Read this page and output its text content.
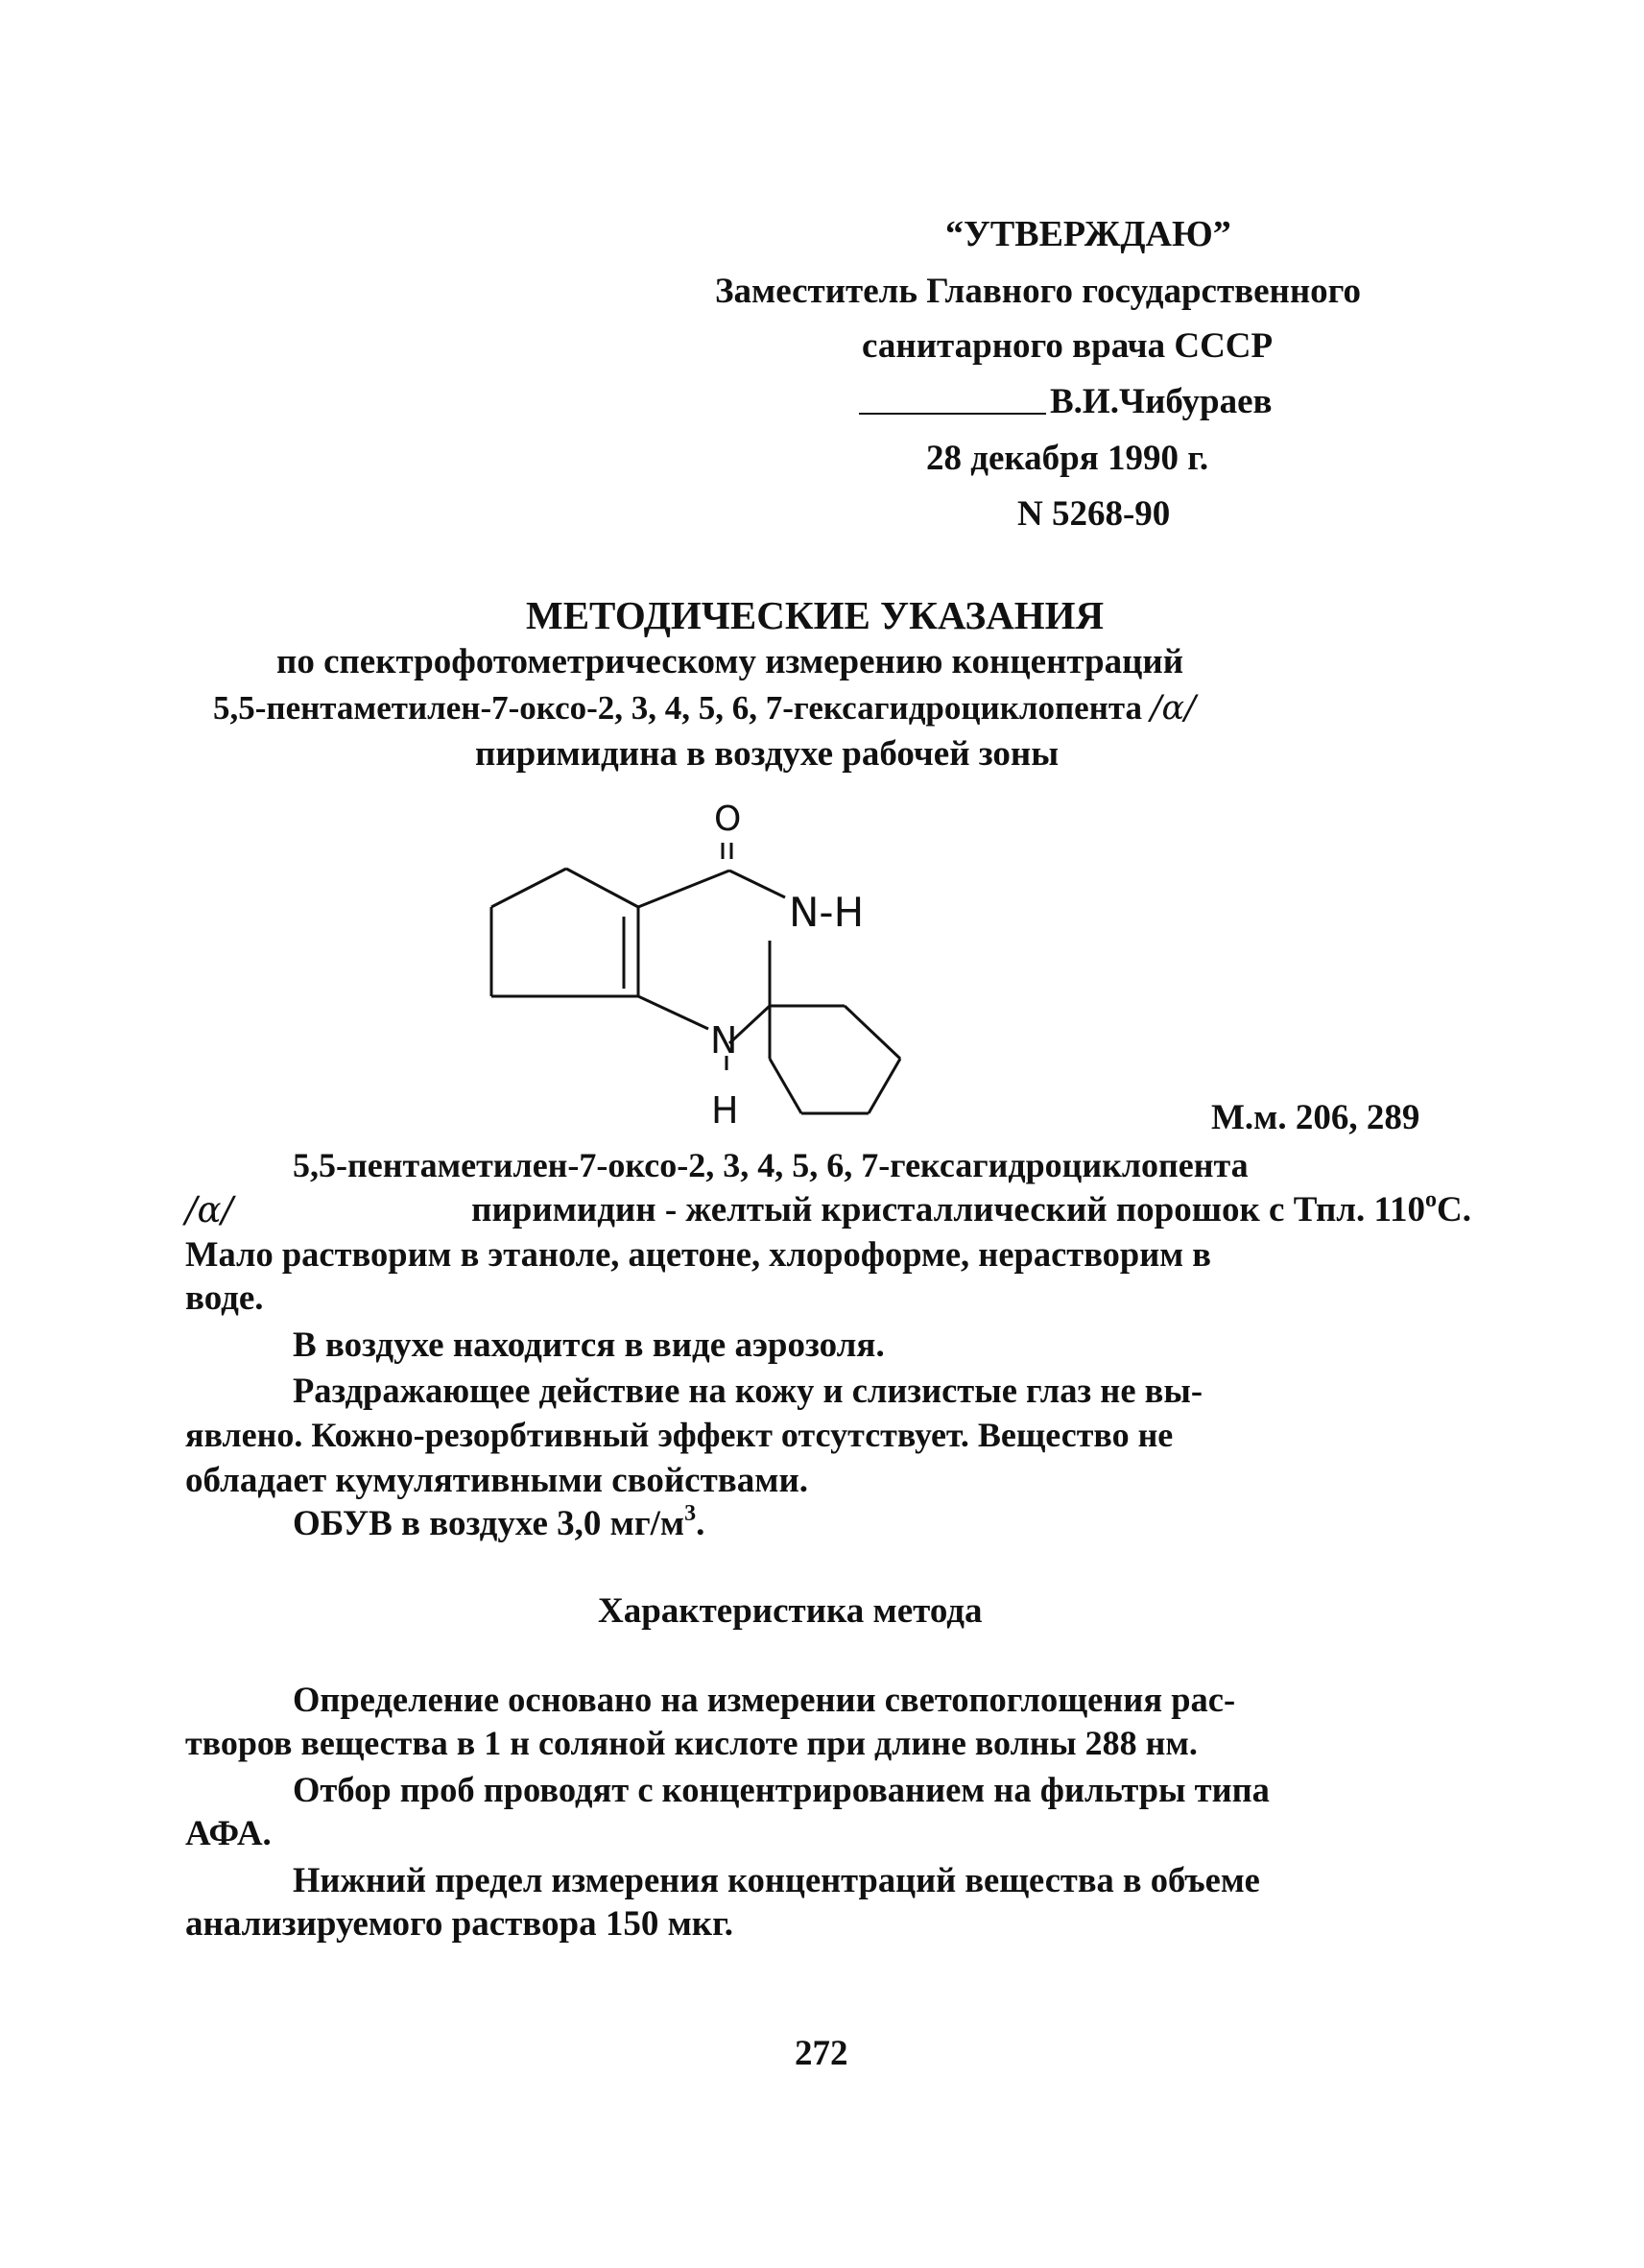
“УТВЕРЖДАЮ”

Заместитель Главного государственного

санитарного врача СССР

В.И.Чибураев

28 декабря 1990 г.

N 5268-90

МЕТОДИЧЕСКИЕ УКАЗАНИЯ

по спектрофотометрическому измерению концентраций

5,5-пентаметилен-7-оксо-2, 3, 4, 5, 6, 7-гексагидроциклопента /α/

пиримидина в воздухе рабочей зоны

O
N-H
N
H	М.м. 206, 289

5,5-пентаметилен-7-оксо-2, 3, 4, 5, 6, 7-гексагидроциклопента

/α/	пиримидин - желтый кристаллический порошок с Тпл. 110oС.

Мало растворим в этаноле, ацетоне, хлороформе, нерастворим в

воде.

В воздухе находится в виде аэрозоля.

Раздражающее действие на кожу и слизистые глаз не вы-

явлено. Кожно-резорбтивный эффект отсутствует. Вещество не

обладает кумулятивными свойствами.

ОБУВ в воздухе 3,0 $мг/м^3$.

Характеристика метода

Определение основано на измерении светопоглощения рас-

творов вещества в 1 н соляной кислоте при длине волны 288 нм.

Отбор проб проводят с концентрированием на фильтры типа

АФА.

Нижний предел измерения концентраций вещества в объеме

анализируемого раствора 150 мкг.

272
